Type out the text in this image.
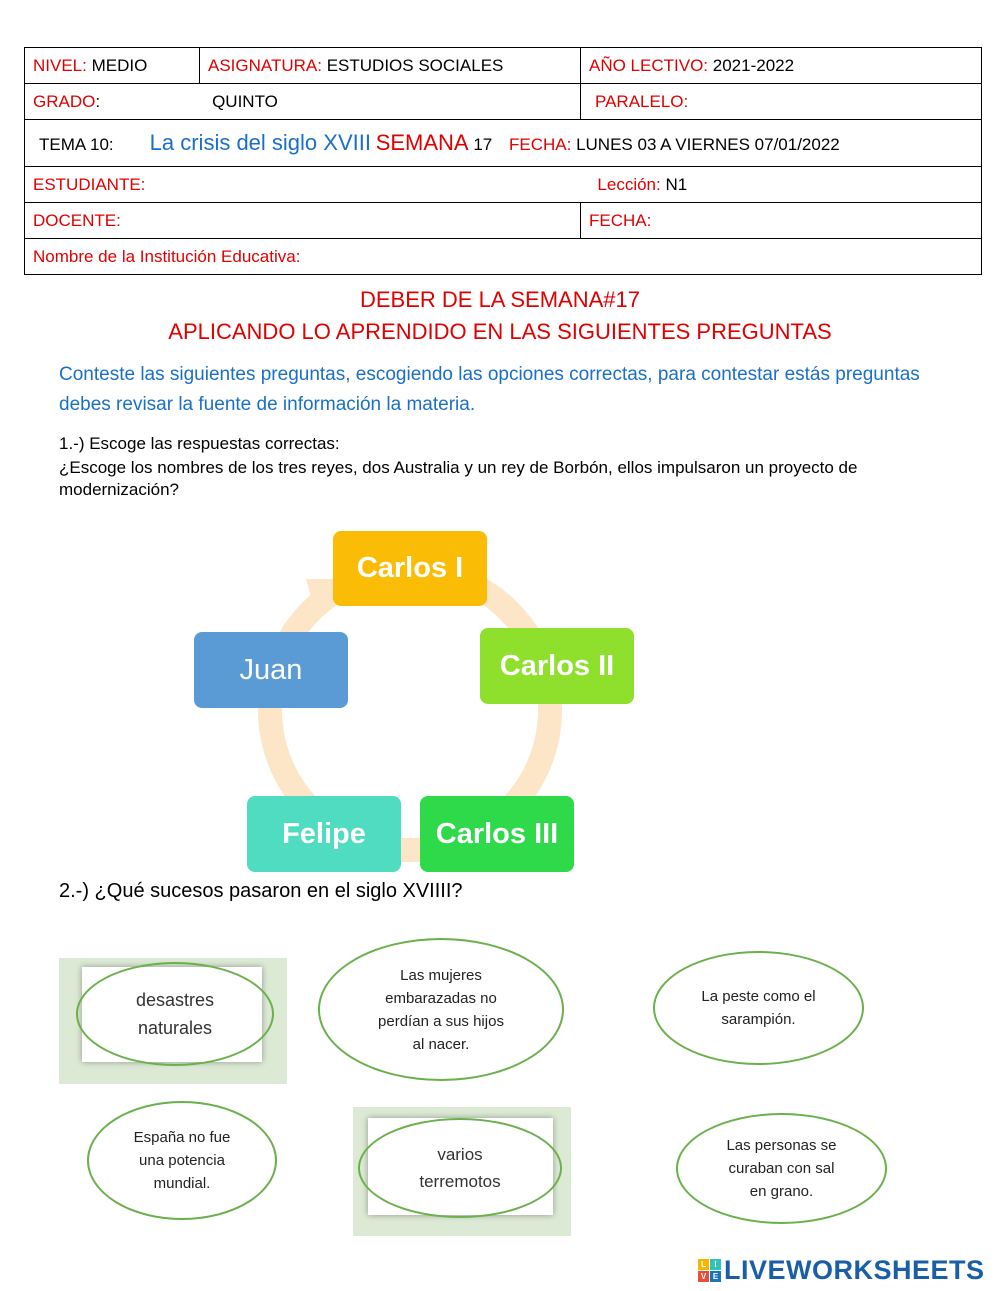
NIVEL: MEDIO	ASIGNATURA: ESTUDIOS SOCIALES	AÑO LECTIVO: 2021-2022
GRADO: QUINTO		PARALELO:
TEMA 10: La crisis del siglo XVIII SEMANA 17 FECHA: LUNES 03 A VIERNES 07/01/2022		
ESTUDIANTE: Lección: N1		
DOCENTE:		FECHA:
Nombre de la Institución Educativa:		
DEBER DE LA SEMANA#17
APLICANDO LO APRENDIDO EN LAS SIGUIENTES PREGUNTAS
Conteste las siguientes preguntas, escogiendo las opciones correctas, para contestar estás preguntas debes revisar la fuente de información la materia.
1.-) Escoge las respuestas correctas:
¿Escoge los nombres de los tres reyes, dos Australia y un rey de Borbón, ellos impulsaron un proyecto de modernización?
Carlos I
Carlos II
Carlos III
Felipe
Juan
2.-) ¿Qué sucesos pasaron en el siglo XVIIII?
desastres
naturales
Las mujeres
embarazadas no
perdían a sus hijos
al nacer.
La peste como el
sarampión.
España no fue
una potencia
mundial.
varios
terremotos
Las personas se
curaban con sal
en grano.
L	I
V E LIVEWORKSHEETS
